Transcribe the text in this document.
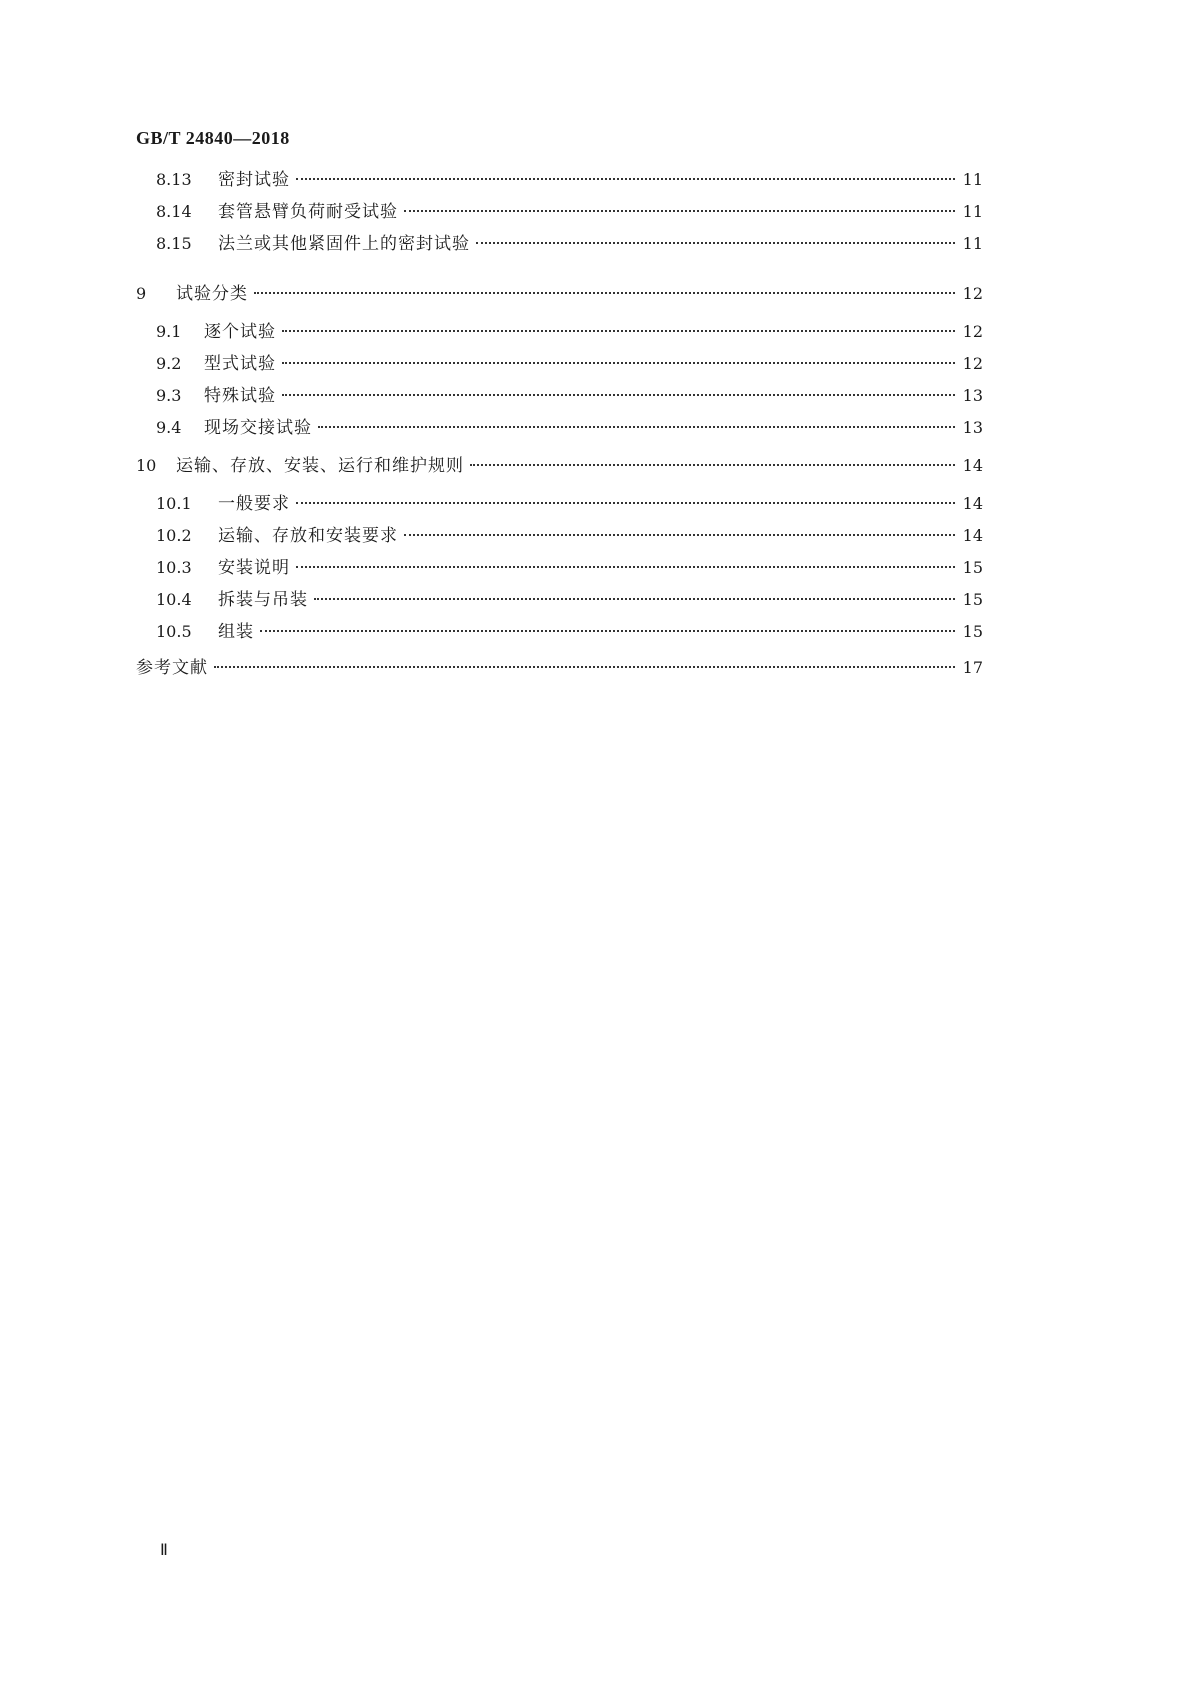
GB/T 24840—2018
8.13	密封试验	11
8.14	套管悬臂负荷耐受试验	11
8.15	法兰或其他紧固件上的密封试验	11
9	试验分类	12
9.1	逐个试验	12
9.2	型式试验	12
9.3	特殊试验	13
9.4	现场交接试验	13
10	运输、存放、安装、运行和维护规则	14
10.1	一般要求	14
10.2	运输、存放和安装要求	14
10.3	安装说明	15
10.4	拆装与吊装	15
10.5	组装	15
参考文献	17
Ⅱ
